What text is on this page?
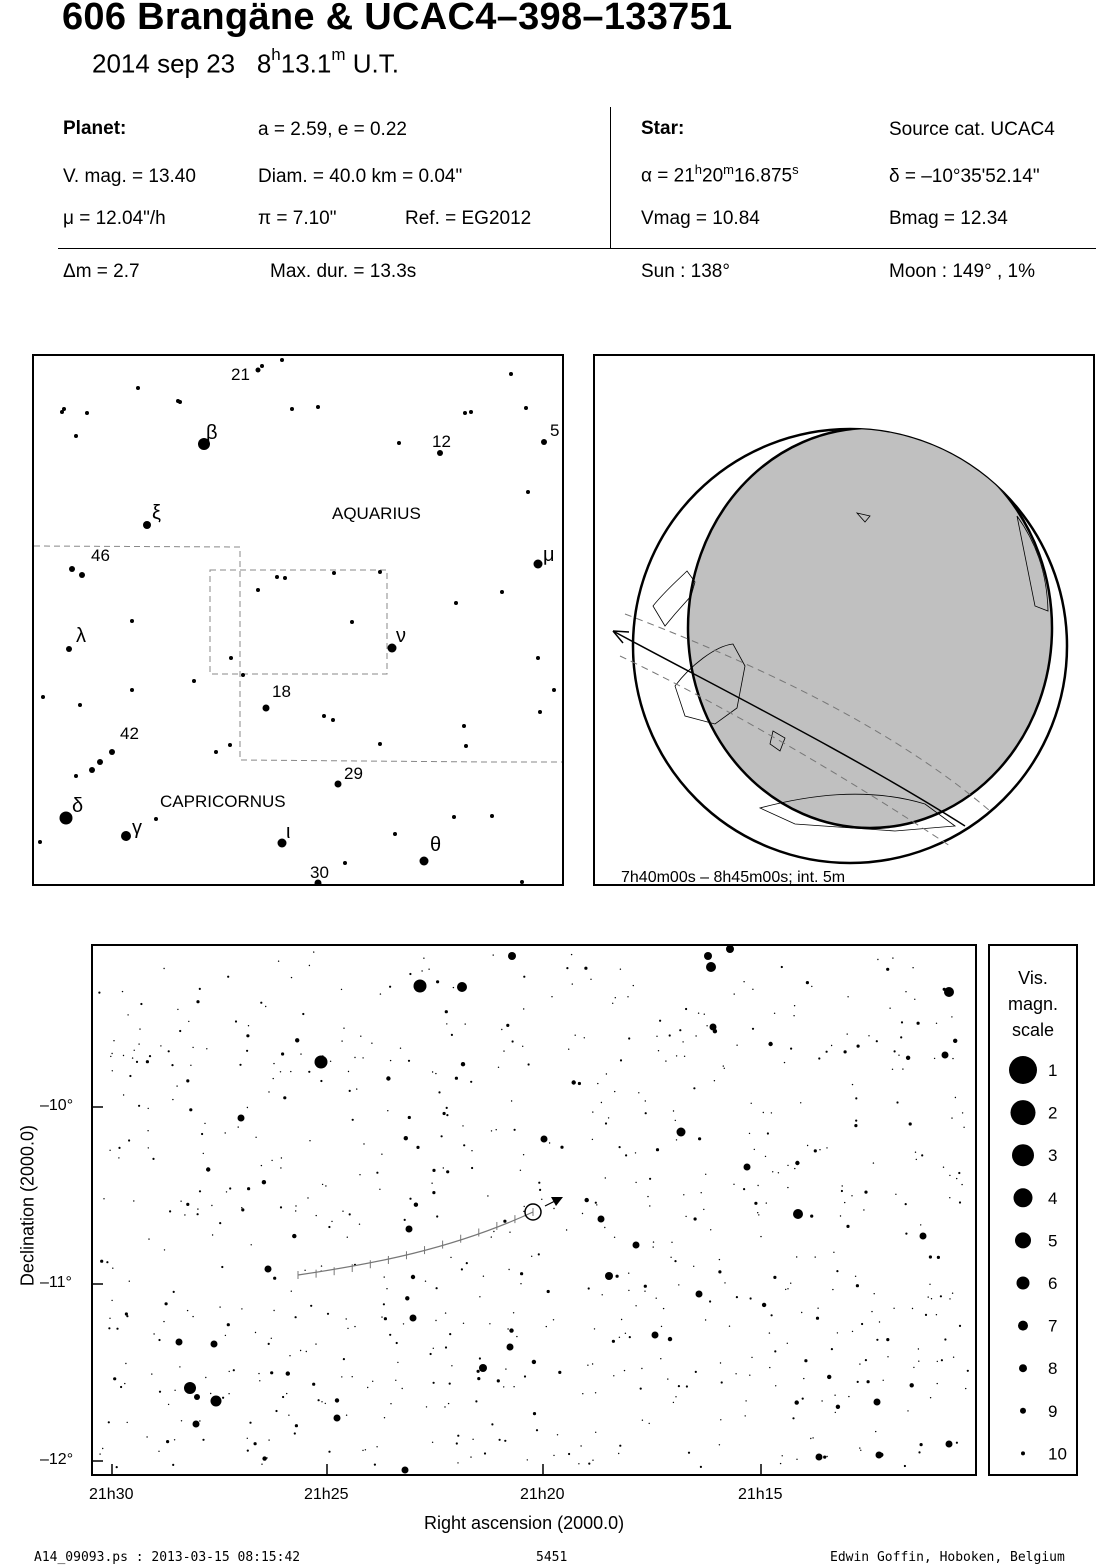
606 Brangäne & UCAC4–398–133751
2014 sep 23 8$^h$13.1$^m$ U.T.
Planet:	a = 2.59, e = 0.22
V. mag. = 13.40	Diam. = 40.0 km = 0.04"
μ = 12.04"/h	π = 7.10"	Ref. = EG2012
Star:	Source cat. UCAC4
$\alpha = 21^h20^m16.875^s$	δ = –10°35'52.14"
Vmag = 10.84	Bmag = 12.34
Δm = 2.7	Max. dur. = 13.3s	Sun : 138°	Moon : 149° , 1%
21
β	12
5
ξ
46	μ
λ	ν
18
42
29
δ
γ	ι
θ
30
AQUARIUS
CAPRICORNUS
7h40m00s – 8h45m00s; int. 5m
Declination (2000.0)
–10°
–11°
–12°
21h30	21h25	21h20	21h15
Right ascension (2000.0)
Vis.
magn.
scale
1
2
3
4
5
6
7
8
9
10
A14_09093.ps : 2013-03-15 08:15:42	5451	Edwin Goffin, Hoboken, Belgium
